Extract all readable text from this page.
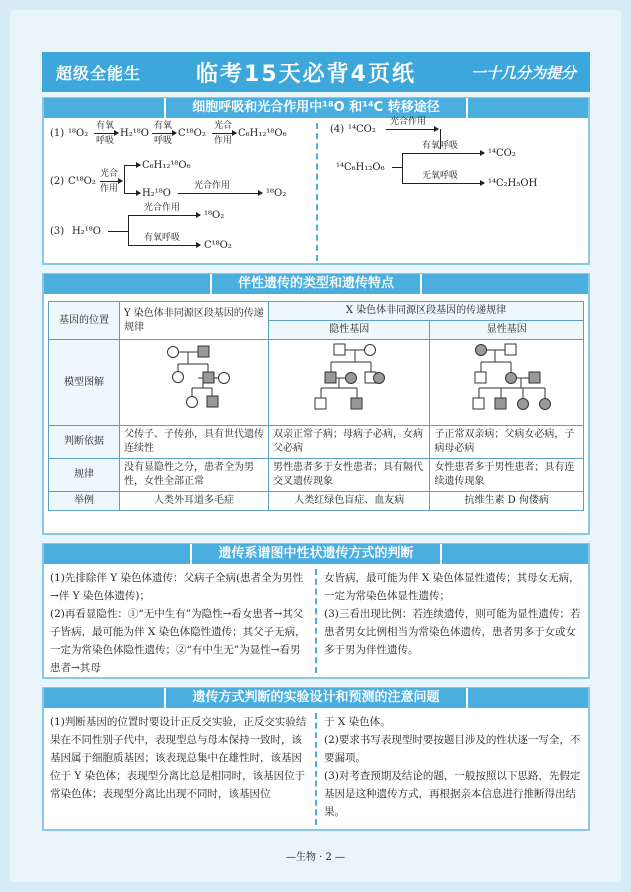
超级全能生	临考15天必背4页纸	一十几分为提分
细胞呼吸和光合作用中¹⁸O 和¹⁴C 转移途径
(1) ¹⁸O₂
有氧
呼吸
H₂¹⁸O
有氧
呼吸
C¹⁸O₂
光合
作用
C₆H₁₂¹⁸O₆
(2) C¹⁸O₂
光合
作用
C₆H₁₂¹⁸O₆
H₂¹⁸O
光合作用
¹⁸O₂
(3) H₂¹⁸O
光合作用
有氧呼吸
¹⁸O₂
C¹⁸O₂
(4) ¹⁴CO₂
光合作用
¹⁴C₆H₁₂O₆
有氧呼吸
无氧呼吸
¹⁴CO₂
¹⁴C₂H₅OH
伴性遗传的类型和遗传特点
基因的位置	Y 染色体非同源区段基因的传递规律	X 染色体非同源区段基因的传递规律	
		隐性基因	显性基因
模型图解			
判断依据	父传子、子传孙，具有世代遗传连续性	双亲正常子病；母病子必病，女病父必病	子正常双亲病；父病女必病，子病母必病
规律	没有显隐性之分，患者全为男性，女性全部正常	男性患者多于女性患者；具有隔代交叉遗传现象	女性患者多于男性患者；具有连续遗传现象
举例	人类外耳道多毛症	人类红绿色盲症、血友病	抗维生素 D 佝偻病
遗传系谱图中性状遗传方式的判断

(1)先排除伴 Y 染色体遗传：父病子全病(患者全为男性→伴 Y 染色体遗传)；

(2)再看显隐性：①“无中生有”为隐性→看女患者→其父子皆病，最可能为伴 X 染色体隐性遗传；其父子无病，一定为常染色体隐性遗传；②“有中生无”为显性→看男患者→其母

女皆病，最可能为伴 X 染色体显性遗传；其母女无病，一定为常染色体显性遗传；

(3)三看出现比例：若连续遗传，则可能为显性遗传；若患者男女比例相当为常染色体遗传，患者男多于女或女多于男为伴性遗传。

遗传方式判断的实验设计和预测的注意问题

(1)判断基因的位置时要设计正反交实验，正反交实验结果在不同性别子代中，表现型总与母本保持一致时，该基因属于细胞质基因；该表现总集中在雄性时，该基因位于 Y 染色体；表现型分离比总是相同时，该基因位于常染色体；表现型分离比出现不同时，该基因位

于 X 染色体。

(2)要求书写表现型时要按题目涉及的性状逐一写全，不要漏项。

(3)对考查预期及结论的题，一般按照以下思路，先假定基因是这种遗传方式，再根据亲本信息进行推断得出结果。

—生物 · 2 —
